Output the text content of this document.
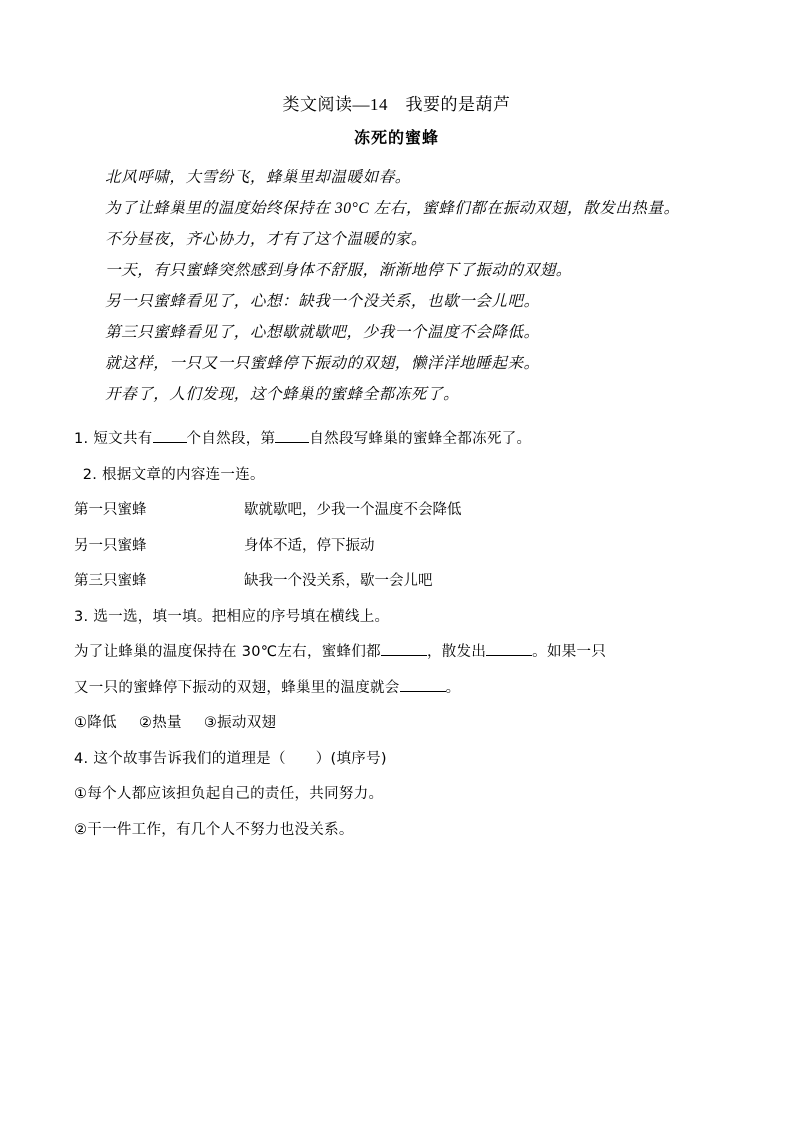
类文阅读—14　我要的是葫芦
冻死的蜜蜂

北风呼啸，大雪纷飞，蜂巢里却温暖如春。

为了让蜂巢里的温度始终保持在 30°C 左右，蜜蜂们都在振动双翅，散发出热量。

不分昼夜，齐心协力，才有了这个温暖的家。

一天，有只蜜蜂突然感到身体不舒服，渐渐地停下了振动的双翅。

另一只蜜蜂看见了，心想：缺我一个没关系，也歇一会儿吧。

第三只蜜蜂看见了，心想歇就歇吧，少我一个温度不会降低。

就这样，一只又一只蜜蜂停下振动的双翅，懒洋洋地睡起来。

开春了，人们发现，这个蜂巢的蜜蜂全都冻死了。

1. 短文共有 个自然段，第 自然段写蜂巢的蜜蜂全都冻死了。

2. 根据文章的内容连一连。

第一只蜜蜂	歇就歇吧，少我一个温度不会降低
另一只蜜蜂	身体不适，停下振动
第三只蜜蜂	缺我一个没关系，歇一会儿吧

3. 选一选，填一填。把相应的序号填在横线上。

为了让蜂巢的温度保持在 30℃左右，蜜蜂们都	，散发出	。如果一只

又一只的蜜蜂停下振动的双翅，蜂巢里的温度就会	。

①降低 ②热量 ③振动双翅

4. 这个故事告诉我们的道理是（ ）(填序号)

①每个人都应该担负起自己的责任，共同努力。

②干一件工作，有几个人不努力也没关系。
